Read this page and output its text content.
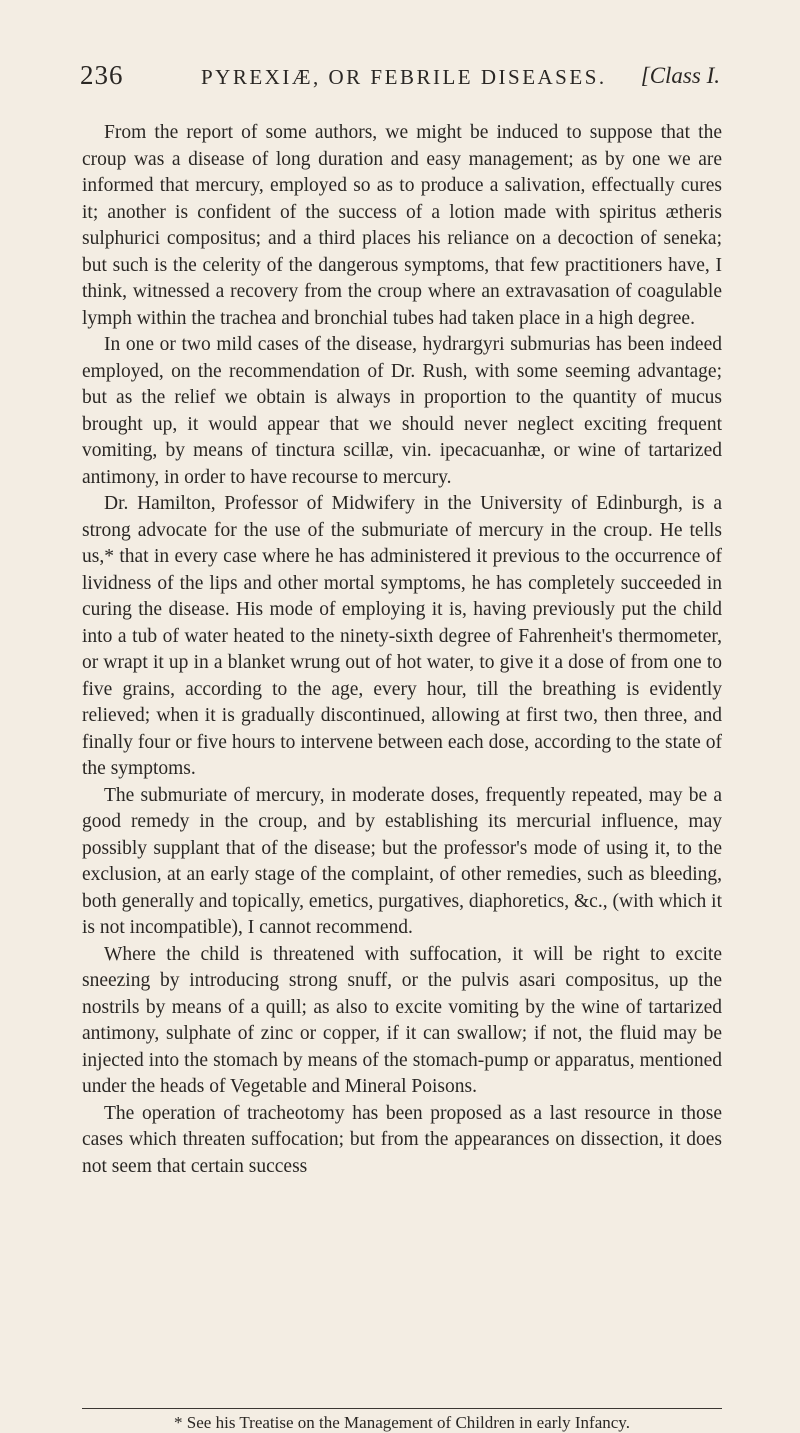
236	PYREXIÆ, OR FEBRILE DISEASES. [Class I.

From the report of some authors, we might be induced to suppose that the croup was a disease of long duration and easy management; as by one we are informed that mercury, employed so as to produce a salivation, effectually cures it; another is confident of the success of a lotion made with spiritus ætheris sulphurici compositus; and a third places his reliance on a decoction of seneka; but such is the celerity of the dangerous symptoms, that few practitioners have, I think, witnessed a recovery from the croup where an extravasation of coagulable lymph within the trachea and bronchial tubes had taken place in a high degree.

In one or two mild cases of the disease, hydrargyri submurias has been indeed employed, on the recommendation of Dr. Rush, with some seeming advantage; but as the relief we obtain is always in proportion to the quantity of mucus brought up, it would appear that we should never neglect exciting frequent vomiting, by means of tinctura scillæ, vin. ipecacuanhæ, or wine of tartarized antimony, in order to have recourse to mercury.

Dr. Hamilton, Professor of Midwifery in the University of Edinburgh, is a strong advocate for the use of the submuriate of mercury in the croup. He tells us,* that in every case where he has administered it previous to the occurrence of lividness of the lips and other mortal symptoms, he has completely succeeded in curing the disease. His mode of employing it is, having previously put the child into a tub of water heated to the ninety-sixth degree of Fahrenheit's thermometer, or wrapt it up in a blanket wrung out of hot water, to give it a dose of from one to five grains, according to the age, every hour, till the breathing is evidently relieved; when it is gradually discontinued, allowing at first two, then three, and finally four or five hours to intervene between each dose, according to the state of the symptoms.

The submuriate of mercury, in moderate doses, frequently repeated, may be a good remedy in the croup, and by establishing its mercurial influence, may possibly supplant that of the disease; but the professor's mode of using it, to the exclusion, at an early stage of the complaint, of other remedies, such as bleeding, both generally and topically, emetics, purgatives, diaphoretics, &c., (with which it is not incompatible), I cannot recommend.

Where the child is threatened with suffocation, it will be right to excite sneezing by introducing strong snuff, or the pulvis asari compositus, up the nostrils by means of a quill; as also to excite vomiting by the wine of tartarized antimony, sulphate of zinc or copper, if it can swallow; if not, the fluid may be injected into the stomach by means of the stomach-pump or apparatus, mentioned under the heads of Vegetable and Mineral Poisons.

The operation of tracheotomy has been proposed as a last resource in those cases which threaten suffocation; but from the appearances on dissection, it does not seem that certain success

* See his Treatise on the Management of Children in early Infancy.
